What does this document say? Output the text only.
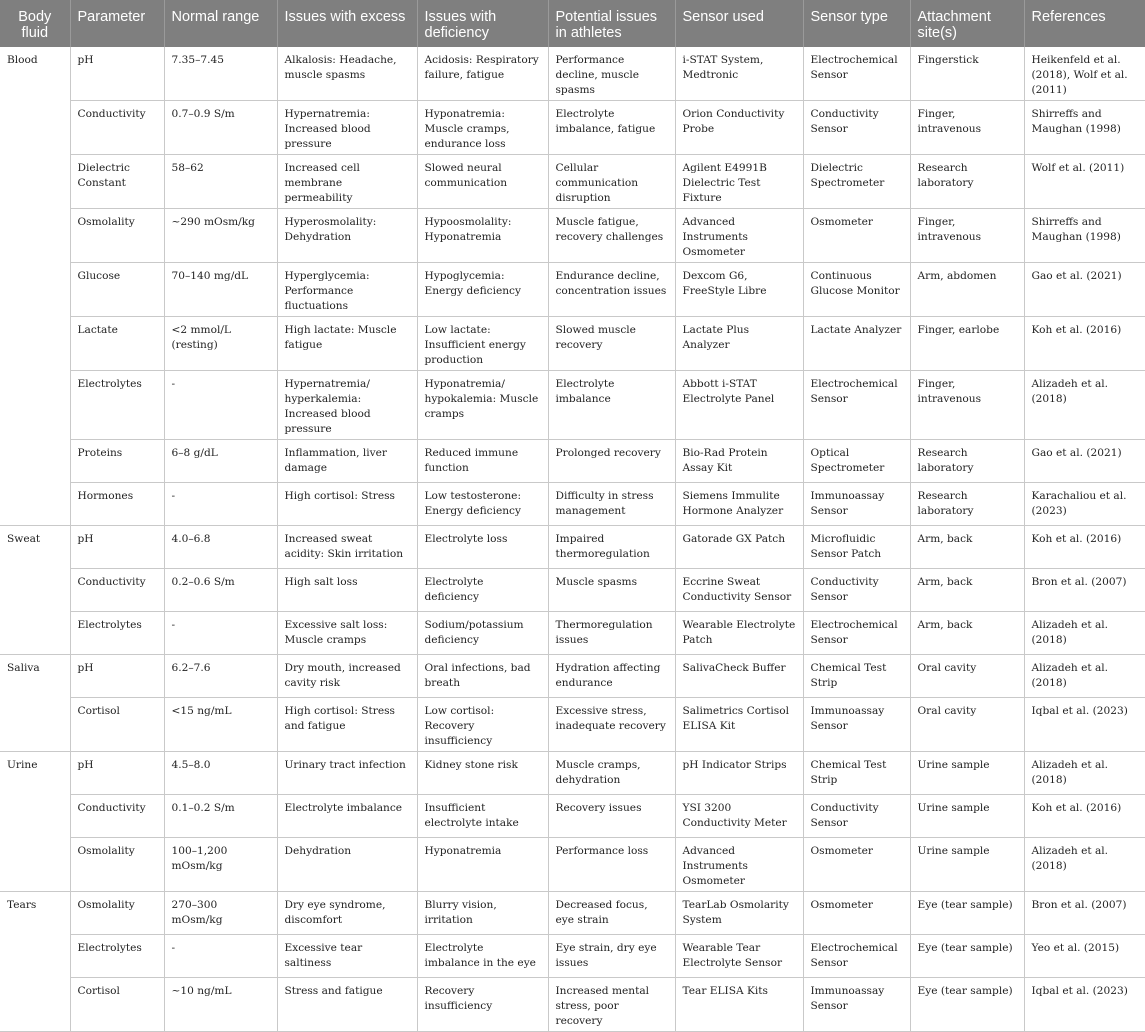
Body fluid	Parameter	Normal range	Issues with excess	Issues with deficiency	Potential issues in athletes	Sensor used	Sensor type	Attachment site(s)	References
Blood	pH	7.35–7.45	Alkalosis: Headache, muscle spasms	Acidosis: Respiratory failure, fatigue	Performance decline, muscle spasms	i-STAT System, Medtronic	Electrochemical Sensor	Fingerstick	Heikenfeld et al. (2018), Wolf et al. (2011)
	Conductivity	0.7–0.9 S/m	Hypernatremia: Increased blood pressure	Hyponatremia: Muscle cramps, endurance loss	Electrolyte imbalance, fatigue	Orion Conductivity Probe	Conductivity Sensor	Finger, intravenous	Shirreffs and Maughan (1998)
	Dielectric Constant	58–62	Increased cell membrane permeability	Slowed neural communication	Cellular communication disruption	Agilent E4991B Dielectric Test Fixture	Dielectric Spectrometer	Research laboratory	Wolf et al. (2011)
	Osmolality	~290 mOsm/kg	Hyperosmolality: Dehydration	Hypoosmolality: Hyponatremia	Muscle fatigue, recovery challenges	Advanced Instruments Osmometer	Osmometer	Finger, intravenous	Shirreffs and Maughan (1998)
	Glucose	70–140 mg/dL	Hyperglycemia: Performance fluctuations	Hypoglycemia: Energy deficiency	Endurance decline, concentration issues	Dexcom G6, FreeStyle Libre	Continuous Glucose Monitor	Arm, abdomen	Gao et al. (2021)
	Lactate	<2 mmol/L (resting)	High lactate: Muscle fatigue	Low lactate: Insufficient energy production	Slowed muscle recovery	Lactate Plus Analyzer	Lactate Analyzer	Finger, earlobe	Koh et al. (2016)
	Electrolytes	-	Hypernatremia/ hyperkalemia: Increased blood pressure	Hyponatremia/ hypokalemia: Muscle cramps	Electrolyte imbalance	Abbott i-STAT Electrolyte Panel	Electrochemical Sensor	Finger, intravenous	Alizadeh et al. (2018)
	Proteins	6–8 g/dL	Inflammation, liver damage	Reduced immune function	Prolonged recovery	Bio-Rad Protein Assay Kit	Optical Spectrometer	Research laboratory	Gao et al. (2021)
	Hormones	-	High cortisol: Stress	Low testosterone: Energy deficiency	Difficulty in stress management	Siemens Immulite Hormone Analyzer	Immunoassay Sensor	Research laboratory	Karachaliou et al. (2023)
Sweat	pH	4.0–6.8	Increased sweat acidity: Skin irritation	Electrolyte loss	Impaired thermoregulation	Gatorade GX Patch	Microfluidic Sensor Patch	Arm, back	Koh et al. (2016)
	Conductivity	0.2–0.6 S/m	High salt loss	Electrolyte deficiency	Muscle spasms	Eccrine Sweat Conductivity Sensor	Conductivity Sensor	Arm, back	Bron et al. (2007)
	Electrolytes	-	Excessive salt loss: Muscle cramps	Sodium/potassium deficiency	Thermoregulation issues	Wearable Electrolyte Patch	Electrochemical Sensor	Arm, back	Alizadeh et al. (2018)
Saliva	pH	6.2–7.6	Dry mouth, increased cavity risk	Oral infections, bad breath	Hydration affecting endurance	SalivaCheck Buffer	Chemical Test Strip	Oral cavity	Alizadeh et al. (2018)
	Cortisol	<15 ng/mL	High cortisol: Stress and fatigue	Low cortisol: Recovery insufficiency	Excessive stress, inadequate recovery	Salimetrics Cortisol ELISA Kit	Immunoassay Sensor	Oral cavity	Iqbal et al. (2023)
Urine	pH	4.5–8.0	Urinary tract infection	Kidney stone risk	Muscle cramps, dehydration	pH Indicator Strips	Chemical Test Strip	Urine sample	Alizadeh et al. (2018)
	Conductivity	0.1–0.2 S/m	Electrolyte imbalance	Insufficient electrolyte intake	Recovery issues	YSI 3200 Conductivity Meter	Conductivity Sensor	Urine sample	Koh et al. (2016)
	Osmolality	100–1,200 mOsm/kg	Dehydration	Hyponatremia	Performance loss	Advanced Instruments Osmometer	Osmometer	Urine sample	Alizadeh et al. (2018)
Tears	Osmolality	270–300 mOsm/kg	Dry eye syndrome, discomfort	Blurry vision, irritation	Decreased focus, eye strain	TearLab Osmolarity System	Osmometer	Eye (tear sample)	Bron et al. (2007)
	Electrolytes	-	Excessive tear saltiness	Electrolyte imbalance in the eye	Eye strain, dry eye issues	Wearable Tear Electrolyte Sensor	Electrochemical Sensor	Eye (tear sample)	Yeo et al. (2015)
	Cortisol	~10 ng/mL	Stress and fatigue	Recovery insufficiency	Increased mental stress, poor recovery	Tear ELISA Kits	Immunoassay Sensor	Eye (tear sample)	Iqbal et al. (2023)
